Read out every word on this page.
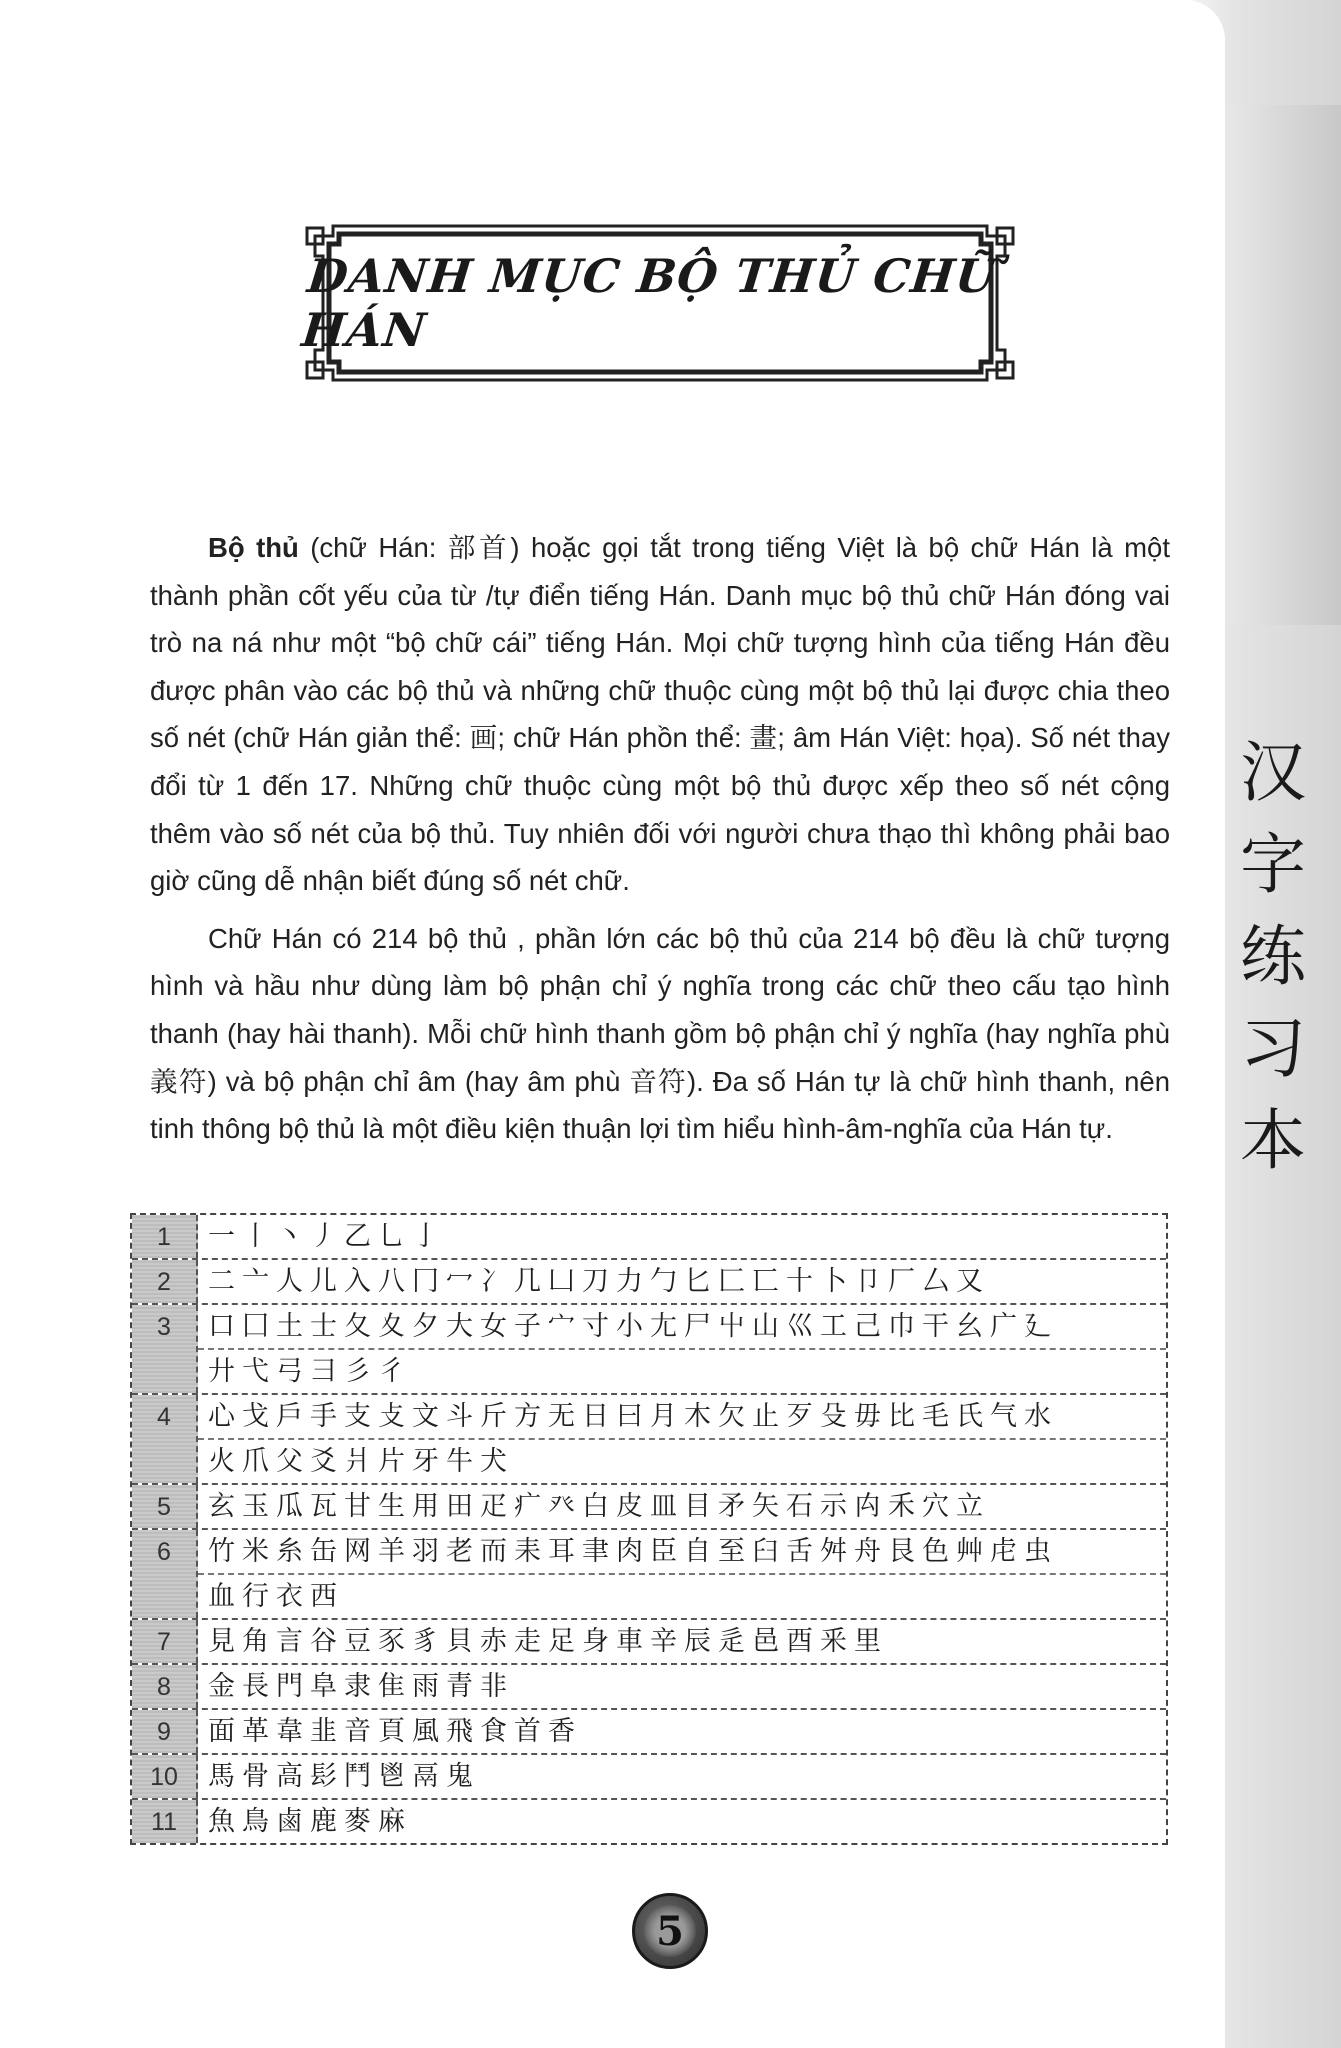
DANH MỤC BỘ THỦ CHỮ HÁN

Bộ thủ (chữ Hán: 部首) hoặc gọi tắt trong tiếng Việt là bộ chữ Hán là một thành phần cốt yếu của từ /tự điển tiếng Hán. Danh mục bộ thủ chữ Hán đóng vai trò na ná như một “bộ chữ cái” tiếng Hán. Mọi chữ tượng hình của tiếng Hán đều được phân vào các bộ thủ và những chữ thuộc cùng một bộ thủ lại được chia theo số nét (chữ Hán giản thể: 画; chữ Hán phồn thể: 畫; âm Hán Việt: họa). Số nét thay đổi từ 1 đến 17. Những chữ thuộc cùng một bộ thủ được xếp theo số nét cộng thêm vào số nét của bộ thủ. Tuy nhiên đối với người chưa thạo thì không phải bao giờ cũng dễ nhận biết đúng số nét chữ.

Chữ Hán có 214 bộ thủ , phần lớn các bộ thủ của 214 bộ đều là chữ tượng hình và hầu như dùng làm bộ phận chỉ ý nghĩa trong các chữ theo cấu tạo hình thanh (hay hài thanh). Mỗi chữ hình thanh gồm bộ phận chỉ ý nghĩa (hay nghĩa phù 義符) và bộ phận chỉ âm (hay âm phù 音符). Đa số Hán tự là chữ hình thanh, nên tinh thông bộ thủ là một điều kiện thuận lợi tìm hiểu hình-âm-nghĩa của Hán tự.

汉
字
练
习
本
1	一丨丶丿乙乚亅
2	二亠人儿入八冂冖冫几凵刀力勹匕匚匸十卜卩厂厶又
3	口囗土士夂夊夕大女子宀寸小尢尸屮山巛工己巾干幺广廴
廾弋弓彐彡彳
4	心戈戶手支攴文斗斤方无日曰月木欠止歹殳毋比毛氏气水
火爪父爻爿片牙牛犬
5	玄玉瓜瓦甘生用田疋疒癶白皮皿目矛矢石示禸禾穴立
6	竹米糸缶网羊羽老而耒耳聿肉臣自至臼舌舛舟艮色艸虍虫
血行衣西
7	見角言谷豆豕豸貝赤走足身車辛辰辵邑酉釆里
8	金長門阜隶隹雨青非
9	面革韋韭音頁風飛食首香
10	馬骨高髟鬥鬯鬲鬼
11	魚鳥鹵鹿麥麻
5
